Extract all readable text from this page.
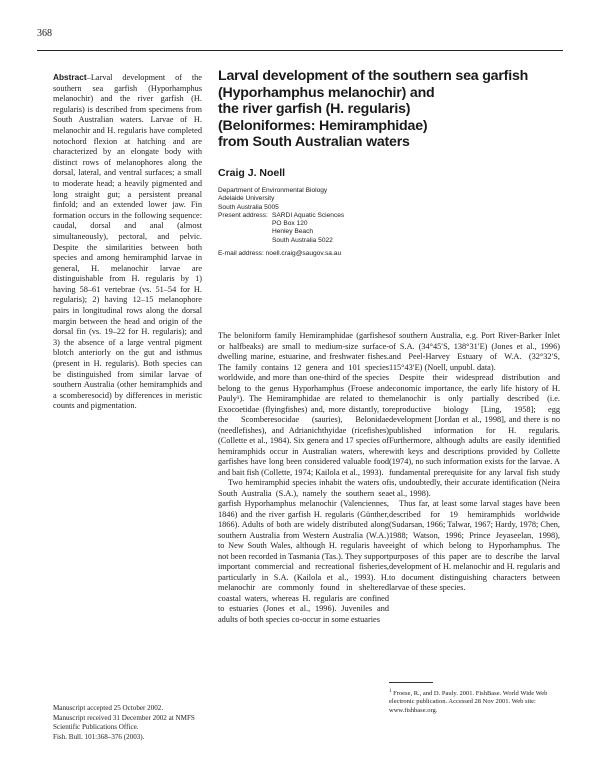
368
Abstract–Larval development of the southern sea garfish (Hyporhamphus melanochir) and the river garfish (H. regularis) is described from specimens from South Australian waters. Larvae of H. melanochir and H. regularis have completed notochord flexion at hatching and are characterized by an elongate body with distinct rows of melanophores along the dorsal, lateral, and ventral surfaces; a small to moderate head; a heavily pigmented and long straight gut; a persistent preanal finfold; and an extended lower jaw. Fin formation occurs in the following sequence: caudal, dorsal and anal (almost simultaneously), pectoral, and pelvic. Despite the similarities between both species and among hemiramphid larvae in general, H. melanochir larvae are distinguishable from H. regularis by 1) having 58–61 vertebrae (vs. 51–54 for H. regularis); 2) having 12–15 melanophore pairs in longitudinal rows along the dorsal margin between the head and origin of the dorsal fin (vs. 19–22 for H. regularis); and 3) the absence of a large ventral pigment blotch anteriorly on the gut and isthmus (present in H. regularis). Both species can be distinguished from similar larvae of southern Australia (other hemiramphids and a scomberesocid) by differences in meristic counts and pigmentation.
Larval development of the southern sea garfish
(Hyporhamphus melanochir) and
the river garfish (H. regularis)
(Beloniformes: Hemiramphidae)
from South Australian waters
Craig J. Noell
Department of Environmental Biology
Adelaide University
South Australia 5005
Present address: SARDI Aquatic Sciences
PO Box 120
Henley Beach
South Australia 5022
E-mail address: noell.craig@saugov.sa.au

The beloniform family Hemiramphidae (garfishes or halfbeaks) are small to medium-size surface-dwelling marine, estuarine, and freshwater fishes. The family contains 12 genera and 101 species worldwide, and more than one-third of the species belong to the genus Hyporhamphus (Froese and Pauly¹). The Hemiramphidae are related to the Exocoetidae (flyingfishes) and, more distantly, to the Scomberesocidae (sauries), Belonidae (needlefishes), and Adrianichthyidae (ricefishes) (Collette et al., 1984). Six genera and 17 species of hemiramphids occur in Australian waters, where garfishes have long been considered valuable food and bait fish (Collette, 1974; Kailola et al., 1993).

Two hemiramphid species inhabit the waters of South Australia (S.A.), namely the southern sea garfish Hyporhamphus melanochir (Valenciennes, 1846) and the river garfish H. regularis (Günther, 1866). Adults of both are widely distributed along southern Australia from Western Australia (W.A.) to New South Wales, although H. regularis have not been recorded in Tasmania (Tas.). They support important commercial and recreational fisheries, particularly in S.A. (Kailola et al., 1993). H. melanochir are commonly found in sheltered coastal waters, whereas H. regularis are confined to estuaries (Jones et al., 1996). Juveniles and adults of both species co-occur in some estuaries

of southern Australia, e.g. Port River-Barker Inlet of S.A. (34°45′S, 138°31′E) (Jones et al., 1996) and Peel-Harvey Estuary of W.A. (32°32′S, 115°43′E) (Noell, unpubl. data).

Despite their widespread distribution and economic importance, the early life history of H. melanochir is only partially described (i.e. reproductive biology [Ling, 1958]; egg development [Jordan et al., 1998], and there is no published information for H. regularis. Furthermore, although adults are easily identified with keys and descriptions provided by Collette (1974), no such information exists for the larvae. A fundamental prerequisite for any larval fish study is, undoubtedly, their accurate identification (Neira et al., 1998).

Thus far, at least some larval stages have been described for 19 hemiramphids worldwide (Sudarsan, 1966; Talwar, 1967; Hardy, 1978; Chen, 1988; Watson, 1996; Prince Jeyaseelan, 1998), eight of which belong to Hyporhamphus. The purposes of this paper are to describe the larval development of H. melanochir and H. regularis and to document distinguishing characters between larvae of these species.

$^1$ Froese, R., and D. Pauly. 2001. FishBase. World Wide Web electronic publication. Accessed 28 Nov 2001. Web site: www.fishbase.org.
Manuscript accepted 25 October 2002.
Manuscript received 31 December 2002 at NMFS Scientific Publications Office.
Fish. Bull. 101:368–376 (2003).
